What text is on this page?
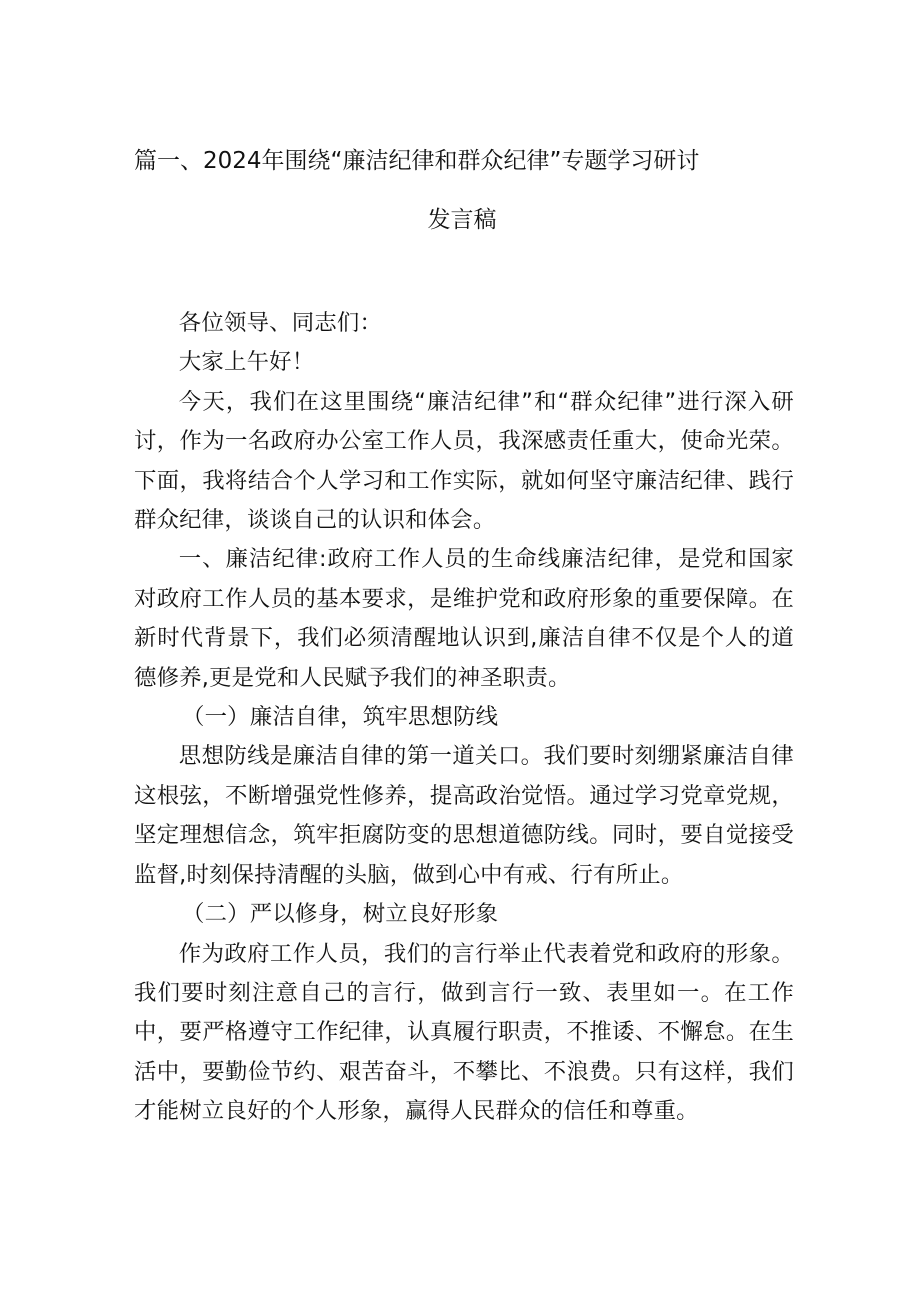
篇一、2024年围绕“廉洁纪律和群众纪律”专题学习研讨
发言稿

各位领导、同志们：

大家上午好！

今天，我们在这里围绕“廉洁纪律”和“群众纪律”进行深入研讨，作为一名政府办公室工作人员，我深感责任重大，使命光荣。下面，我将结合个人学习和工作实际，就如何坚守廉洁纪律、践行群众纪律，谈谈自己的认识和体会。

一、廉洁纪律:政府工作人员的生命线廉洁纪律，是党和国家对政府工作人员的基本要求，是维护党和政府形象的重要保障。在新时代背景下，我们必须清醒地认识到,廉洁自律不仅是个人的道德修养,更是党和人民赋予我们的神圣职责。

（一）廉洁自律，筑牢思想防线

思想防线是廉洁自律的第一道关口。我们要时刻绷紧廉洁自律这根弦，不断增强党性修养，提高政治觉悟。通过学习党章党规，坚定理想信念，筑牢拒腐防变的思想道德防线。同时，要自觉接受监督,时刻保持清醒的头脑，做到心中有戒、行有所止。

（二）严以修身，树立良好形象

作为政府工作人员，我们的言行举止代表着党和政府的形象。我们要时刻注意自己的言行，做到言行一致、表里如一。在工作中，要严格遵守工作纪律，认真履行职责，不推诿、不懈怠。在生活中，要勤俭节约、艰苦奋斗，不攀比、不浪费。只有这样，我们才能树立良好的个人形象，赢得人民群众的信任和尊重。
